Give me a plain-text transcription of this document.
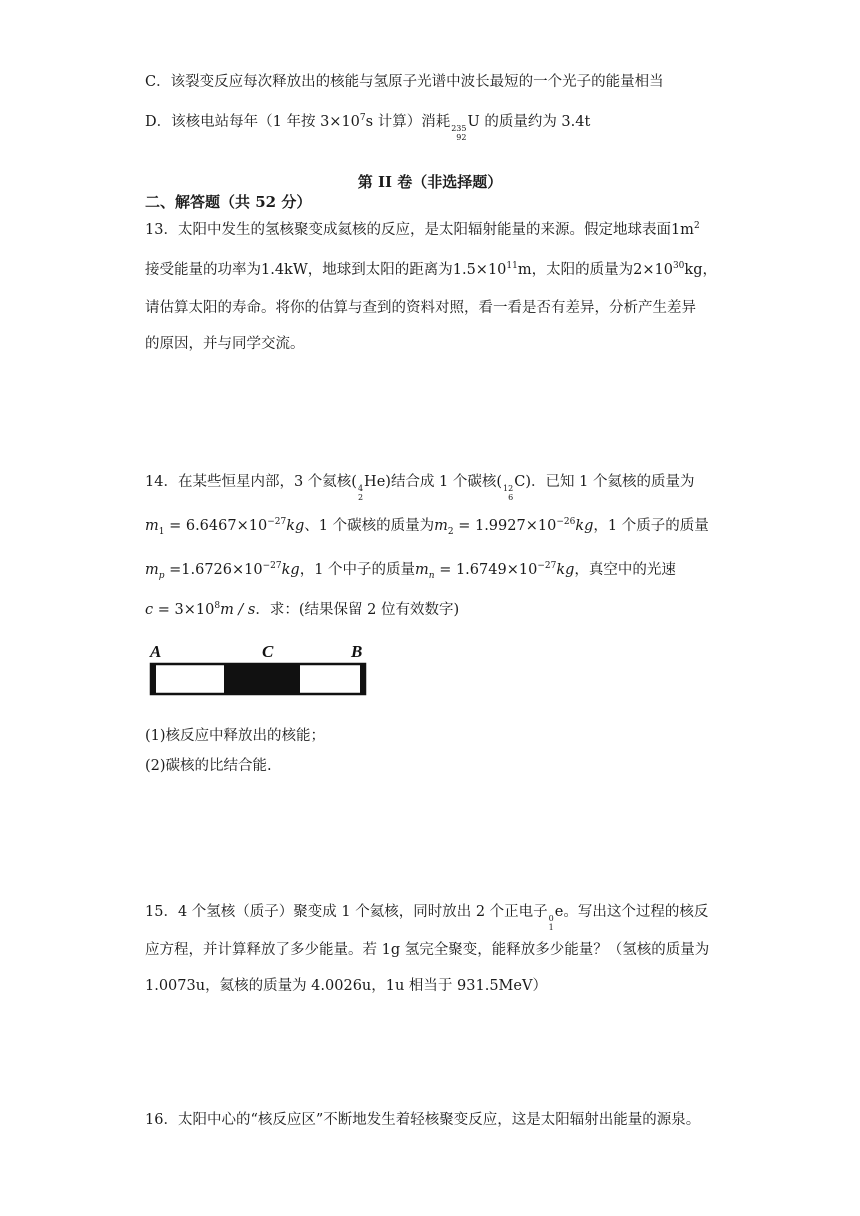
C．该裂变反应每次释放出的核能与氢原子光谱中波长最短的一个光子的能量相当
D．该核电站每年（1 年按 $3\times 10^7s$ 计算）消耗 235
92
U 的质量约为 3.4t
第 II 卷（非选择题）
二、解答题（共 52 分）
13．太阳中发生的氢核聚变成氦核的反应，是太阳辐射能量的来源。假定地球表面$1m^2$
接受能量的功率为1.4kW，地球到太阳的距离为$1.5\times 10^{11}m$，太阳的质量为$2\times 10^{30}kg$，
请估算太阳的寿命。将你的估算与查到的资料对照，看一看是否有差异，分析产生差异
的原因，并与同学交流。
14．在某些恒星内部，3 个氦核( 4
2
He)结合成 1 个碳核( 12
6
C)．已知 1 个氦核的质量为
$m_1 = 6.6467\times 10^{-27}kg$、1 个碳核的质量为$m_2 = 1.9927\times 10^{-26}kg$，1 个质子的质量
$m_p =1.6726\times 10^{-27}kg$，1 个中子的质量$m_n = 1.6749\times 10^{-27}kg$，真空中的光速
$c = 3\times 10^8m / s$．求：(结果保留 2 位有效数字)
A	C	B
(1)核反应中释放出的核能；
(2)碳核的比结合能.
15．4 个氢核（质子）聚变成 1 个氦核，同时放出 2 个正电子 0
1
e。写出这个过程的核反
应方程，并计算释放了多少能量。若 1g 氢完全聚变，能释放多少能量？（氢核的质量为
1.0073u，氦核的质量为 4.0026u，1u 相当于 931.5MeV）
16．太阳中心的“核反应区”不断地发生着轻核聚变反应，这是太阳辐射出能量的源泉。
